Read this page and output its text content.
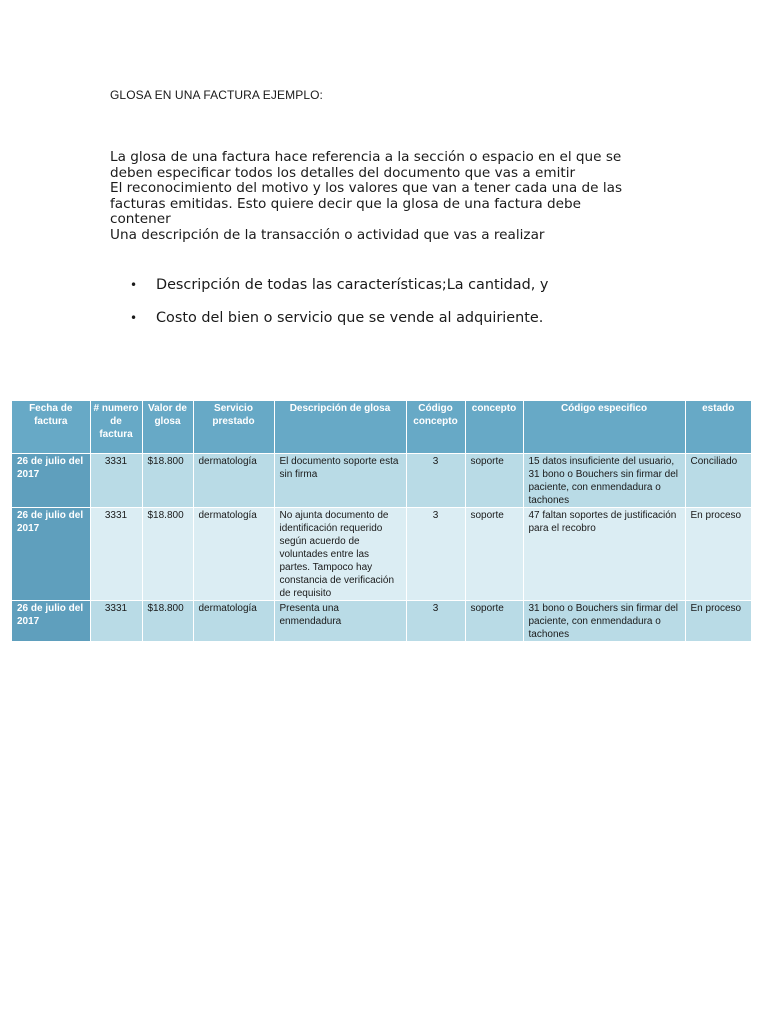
GLOSA EN UNA FACTURA EJEMPLO:
La glosa de una factura hace referencia a la sección o espacio en el que se
deben especificar todos los detalles del documento que vas a emitir
El reconocimiento del motivo y los valores que van a tener cada una de las
facturas emitidas. Esto quiere decir que la glosa de una factura debe
contener
Una descripción de la transacción o actividad que vas a realizar
•	Descripción de todas las características;La cantidad, y
•	Costo del bien o servicio que se vende al adquiriente.
Fecha de factura	# numero de factura	Valor de glosa	Servicio prestado	Descripción de glosa	Código concepto	concepto	Código especifico	estado
26 de julio del 2017	3331	$18.800	dermatología	El documento soporte esta sin firma	3	soporte	15 datos insuficiente del usuario, 31 bono o Bouchers sin firmar del paciente, con enmendadura o tachones	Conciliado
26 de julio del 2017	3331	$18.800	dermatología	No ajunta documento de identificación requerido según acuerdo de voluntades entre las partes. Tampoco hay constancia de verificación de requisito	3	soporte	47 faltan soportes de justificación para el recobro	En proceso
26 de julio del 2017	3331	$18.800	dermatología	Presenta una enmendadura	3	soporte	31 bono o Bouchers sin firmar del paciente, con enmendadura o tachones	En proceso
